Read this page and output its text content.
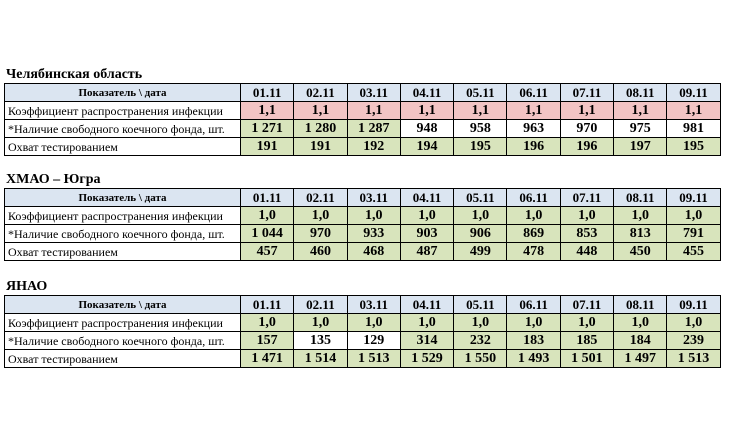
Челябинская область

Показатель \ дата	01.11	02.11	03.11	04.11	05.11	06.11	07.11	08.11	09.11
Коэффициент распространения инфекции	1,1	1,1	1,1	1,1	1,1	1,1	1,1	1,1	1,1
*Наличие свободного коечного фонда, шт.	1 271	1 280	1 287	948	958	963	970	975	981
Охват тестированием	191	191	192	194	195	196	196	197	195

ХМАО – Югра

Показатель \ дата	01.11	02.11	03.11	04.11	05.11	06.11	07.11	08.11	09.11
Коэффициент распространения инфекции	1,0	1,0	1,0	1,0	1,0	1,0	1,0	1,0	1,0
*Наличие свободного коечного фонда, шт.	1 044	970	933	903	906	869	853	813	791
Охват тестированием	457	460	468	487	499	478	448	450	455

ЯНАО

Показатель \ дата	01.11	02.11	03.11	04.11	05.11	06.11	07.11	08.11	09.11
Коэффициент распространения инфекции	1,0	1,0	1,0	1,0	1,0	1,0	1,0	1,0	1,0
*Наличие свободного коечного фонда, шт.	157	135	129	314	232	183	185	184	239
Охват тестированием	1 471	1 514	1 513	1 529	1 550	1 493	1 501	1 497	1 513
